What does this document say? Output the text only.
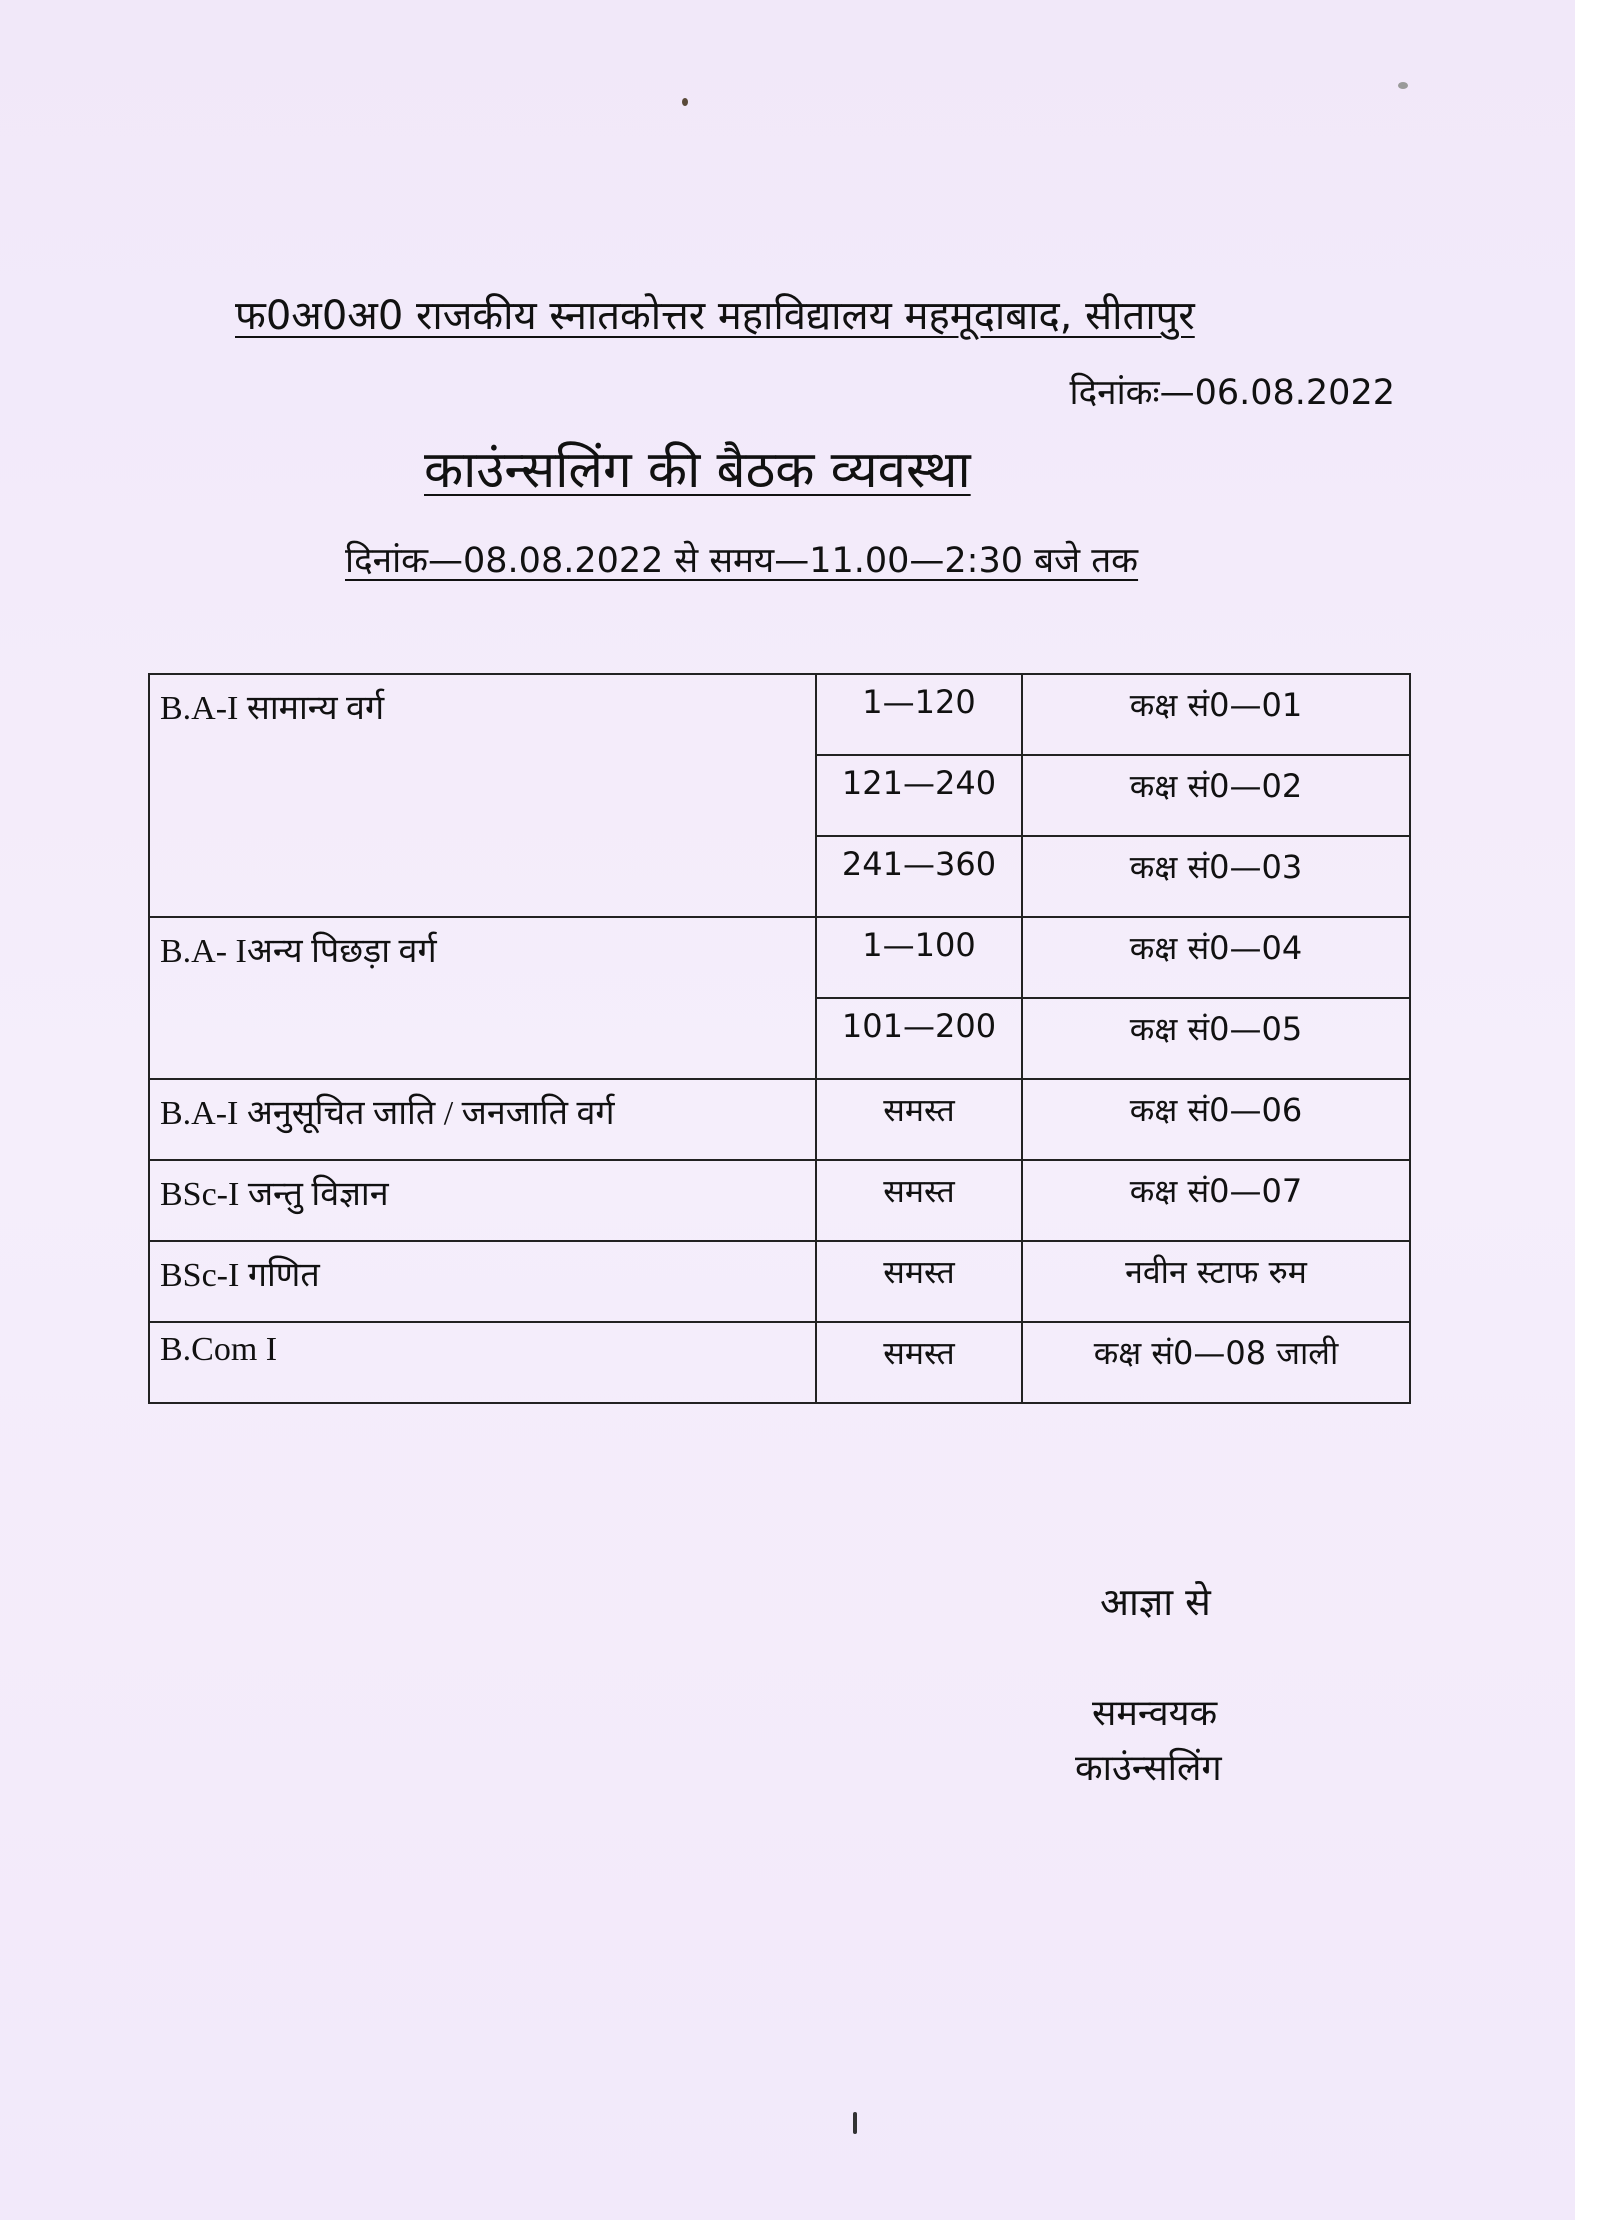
फ0अ0अ0 राजकीय स्नातकोत्तर महाविद्यालय महमूदाबाद, सीतापुर
दिनांकः—06.08.2022
काउंन्सलिंग की बैठक व्यवस्था
दिनांक—08.08.2022 से समय—11.00—2:30 बजे तक
B.A-I सामान्य वर्ग	1—120	कक्ष सं0—01
	121—240	कक्ष सं0—02
	241—360	कक्ष सं0—03
B.A- Iअन्य पिछड़ा वर्ग	1—100	कक्ष सं0—04
	101—200	कक्ष सं0—05
B.A-I अनुसूचित जाति / जनजाति वर्ग	समस्त	कक्ष सं0—06
BSc-I जन्तु विज्ञान	समस्त	कक्ष सं0—07
BSc-I गणित	समस्त	नवीन स्टाफ रुम
B.Com I	समस्त	कक्ष सं0—08 जाली
आज्ञा से
समन्वयक
काउंन्सलिंग
